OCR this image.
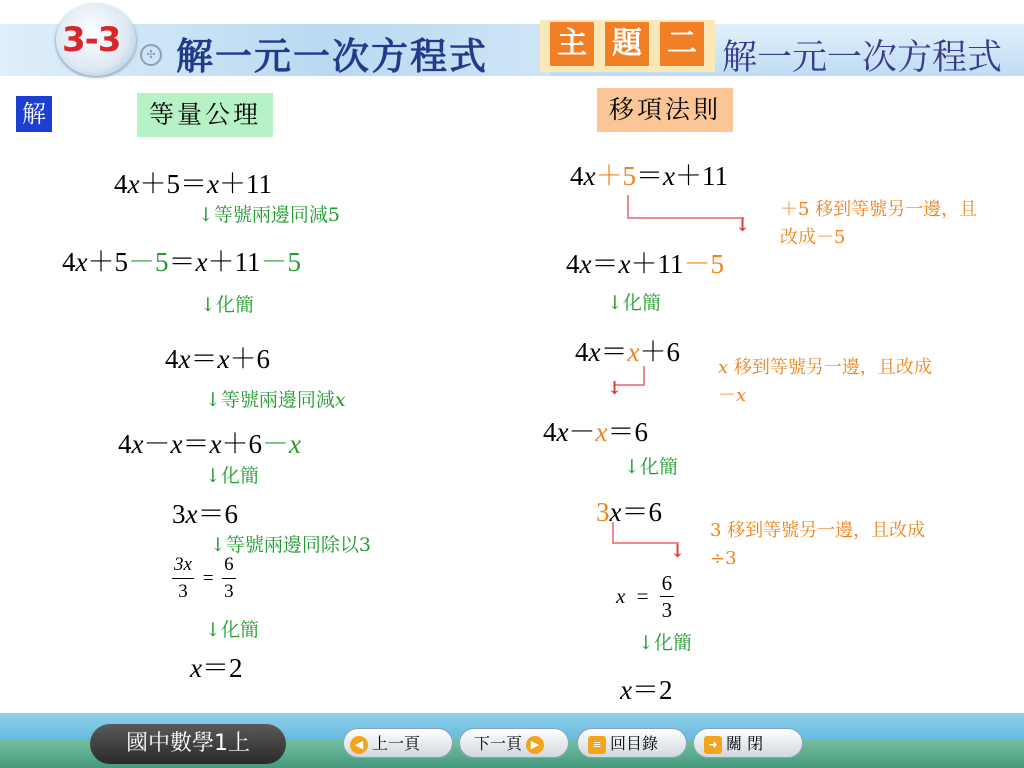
3-3	✣ 解一元一次方程式 主 題 二 解一元一次方程式
解	等量公理
4x＋5＝x＋11
↓等號兩邊同減5
4x＋5－5＝x＋11－5
↓化簡
4x＝x＋6
↓等號兩邊同減x
4x－x＝x＋6－x
↓化簡
3x＝6
↓等號兩邊同除以3
$\frac{3x}{3} = \frac{6}{3}$
↓化簡
x＝2
移項法則
4x＋5＝x＋11
↓
＋5 移到等號另一邊，且改成－5
4x＝x＋11－5
↓化簡
4x＝x＋6
↓
x 移到等號另一邊，且改成－x
4x－x＝6
↓化簡
3x＝6
↓
3 移到等號另一邊，且改成÷3
$x = \frac{6}{3}$
↓化簡
x＝2
國中數學1上	◀ 上一頁	下一頁 ▶	≡ 回目錄	➜ 關 閉
